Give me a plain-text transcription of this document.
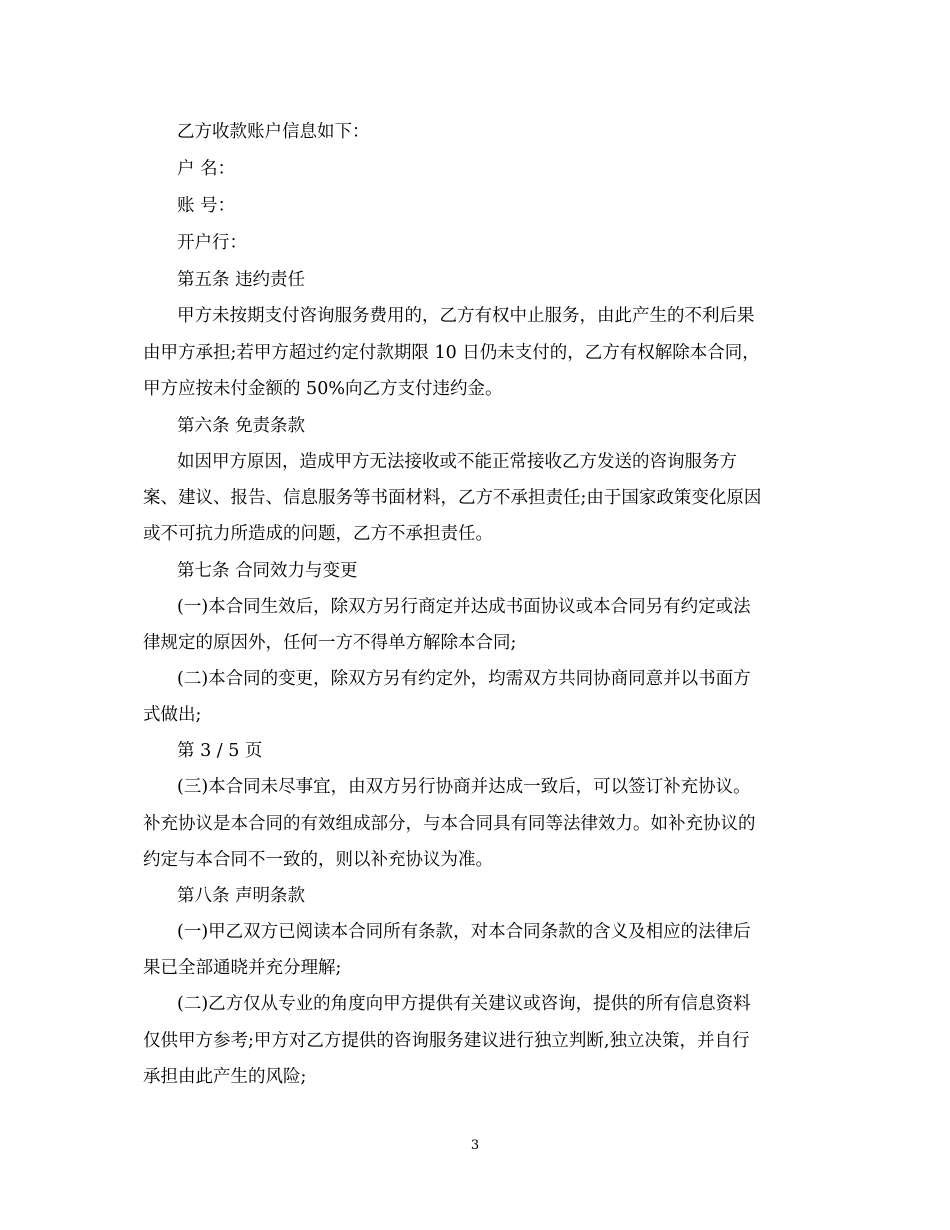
乙方收款账户信息如下：
户 名：
账 号：
开户行：
第五条 违约责任
甲方未按期支付咨询服务费用的，乙方有权中止服务，由此产生的不利后果
由甲方承担;若甲方超过约定付款期限 10 日仍未支付的，乙方有权解除本合同，
甲方应按未付金额的 50%向乙方支付违约金。
第六条 免责条款
如因甲方原因，造成甲方无法接收或不能正常接收乙方发送的咨询服务方
案、建议、报告、信息服务等书面材料，乙方不承担责任;由于国家政策变化原因
或不可抗力所造成的问题，乙方不承担责任。
第七条 合同效力与变更
(一)本合同生效后，除双方另行商定并达成书面协议或本合同另有约定或法
律规定的原因外，任何一方不得单方解除本合同;
(二)本合同的变更，除双方另有约定外，均需双方共同协商同意并以书面方
式做出;
第 3 / 5 页
(三)本合同未尽事宜，由双方另行协商并达成一致后，可以签订补充协议。
补充协议是本合同的有效组成部分，与本合同具有同等法律效力。如补充协议的
约定与本合同不一致的，则以补充协议为准。
第八条 声明条款
(一)甲乙双方已阅读本合同所有条款，对本合同条款的含义及相应的法律后
果已全部通晓并充分理解;
(二)乙方仅从专业的角度向甲方提供有关建议或咨询，提供的所有信息资料
仅供甲方参考;甲方对乙方提供的咨询服务建议进行独立判断,独立决策，并自行
承担由此产生的风险;
3
